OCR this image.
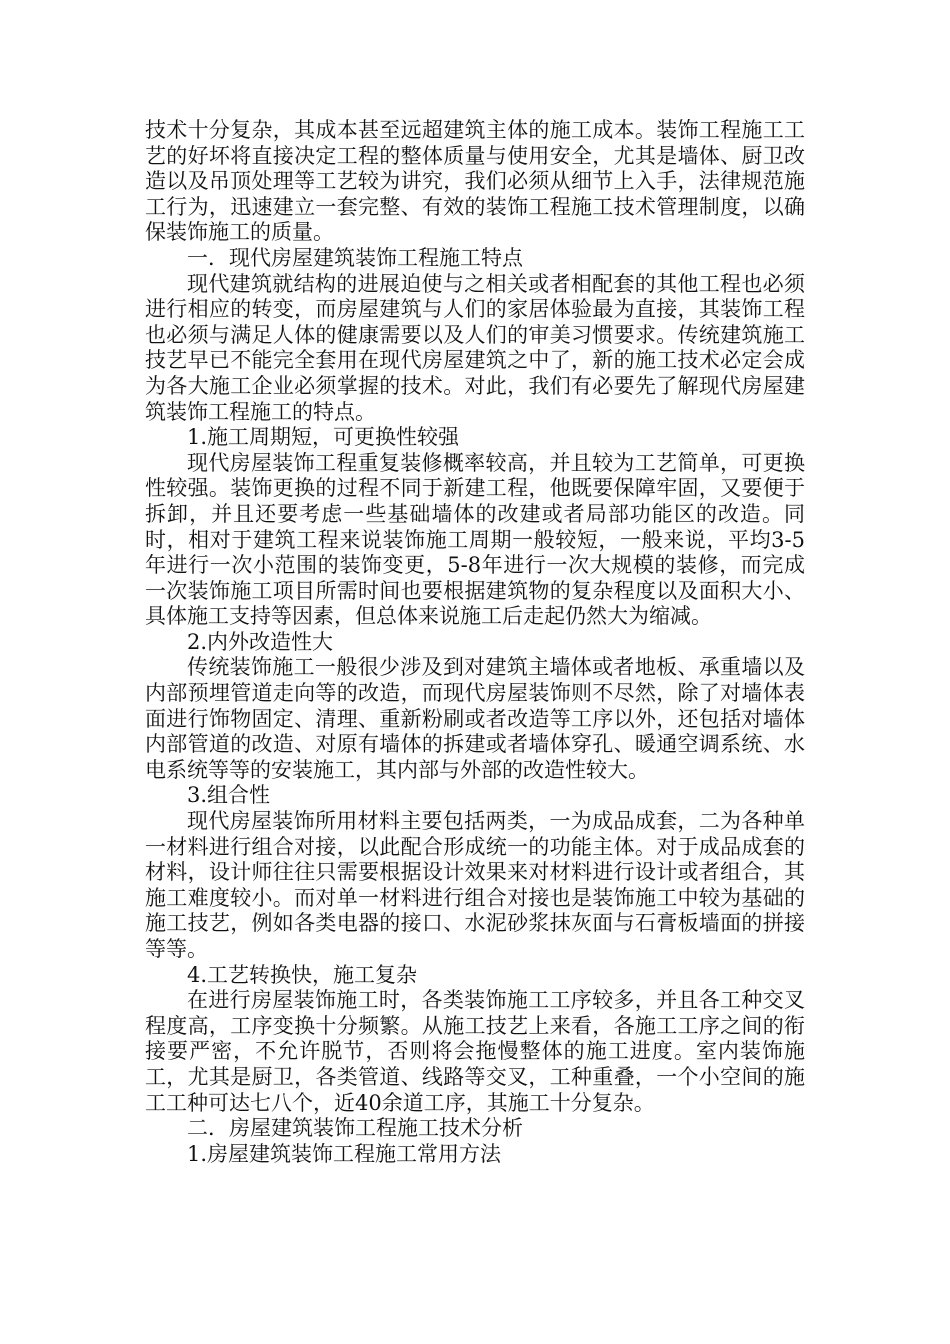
技术十分复杂，其成本甚至远超建筑主体的施工成本。装饰工程施工工艺的好坏将直接决定工程的整体质量与使用安全，尤其是墙体、厨卫改造以及吊顶处理等工艺较为讲究，我们必须从细节上入手，法律规范施工行为，迅速建立一套完整、有效的装饰工程施工技术管理制度，以确保装饰施工的质量。

一．现代房屋建筑装饰工程施工特点

现代建筑就结构的进展迫使与之相关或者相配套的其他工程也必须进行相应的转变，而房屋建筑与人们的家居体验最为直接，其装饰工程也必须与满足人体的健康需要以及人们的审美习惯要求。传统建筑施工技艺早已不能完全套用在现代房屋建筑之中了，新的施工技术必定会成为各大施工企业必须掌握的技术。对此，我们有必要先了解现代房屋建筑装饰工程施工的特点。

1.施工周期短，可更换性较强

现代房屋装饰工程重复装修概率较高，并且较为工艺简单，可更换性较强。装饰更换的过程不同于新建工程，他既要保障牢固，又要便于拆卸，并且还要考虑一些基础墙体的改建或者局部功能区的改造。同时，相对于建筑工程来说装饰施工周期一般较短，一般来说，平均3-5年进行一次小范围的装饰变更，5-8年进行一次大规模的装修，而完成一次装饰施工项目所需时间也要根据建筑物的复杂程度以及面积大小、具体施工支持等因素，但总体来说施工后走起仍然大为缩减。

2.内外改造性大

传统装饰施工一般很少涉及到对建筑主墙体或者地板、承重墙以及内部预埋管道走向等的改造，而现代房屋装饰则不尽然，除了对墙体表面进行饰物固定、清理、重新粉刷或者改造等工序以外，还包括对墙体内部管道的改造、对原有墙体的拆建或者墙体穿孔、暖通空调系统、水电系统等等的安装施工，其内部与外部的改造性较大。

3.组合性

现代房屋装饰所用材料主要包括两类，一为成品成套，二为各种单一材料进行组合对接，以此配合形成统一的功能主体。对于成品成套的材料，设计师往往只需要根据设计效果来对材料进行设计或者组合，其施工难度较小。而对单一材料进行组合对接也是装饰施工中较为基础的施工技艺，例如各类电器的接口、水泥砂浆抹灰面与石膏板墙面的拼接等等。

4.工艺转换快，施工复杂

在进行房屋装饰施工时，各类装饰施工工序较多，并且各工种交叉程度高，工序变换十分频繁。从施工技艺上来看，各施工工序之间的衔接要严密，不允许脱节，否则将会拖慢整体的施工进度。室内装饰施工，尤其是厨卫，各类管道、线路等交叉，工种重叠，一个小空间的施工工种可达七八个，近40余道工序，其施工十分复杂。

二．房屋建筑装饰工程施工技术分析

1.房屋建筑装饰工程施工常用方法
